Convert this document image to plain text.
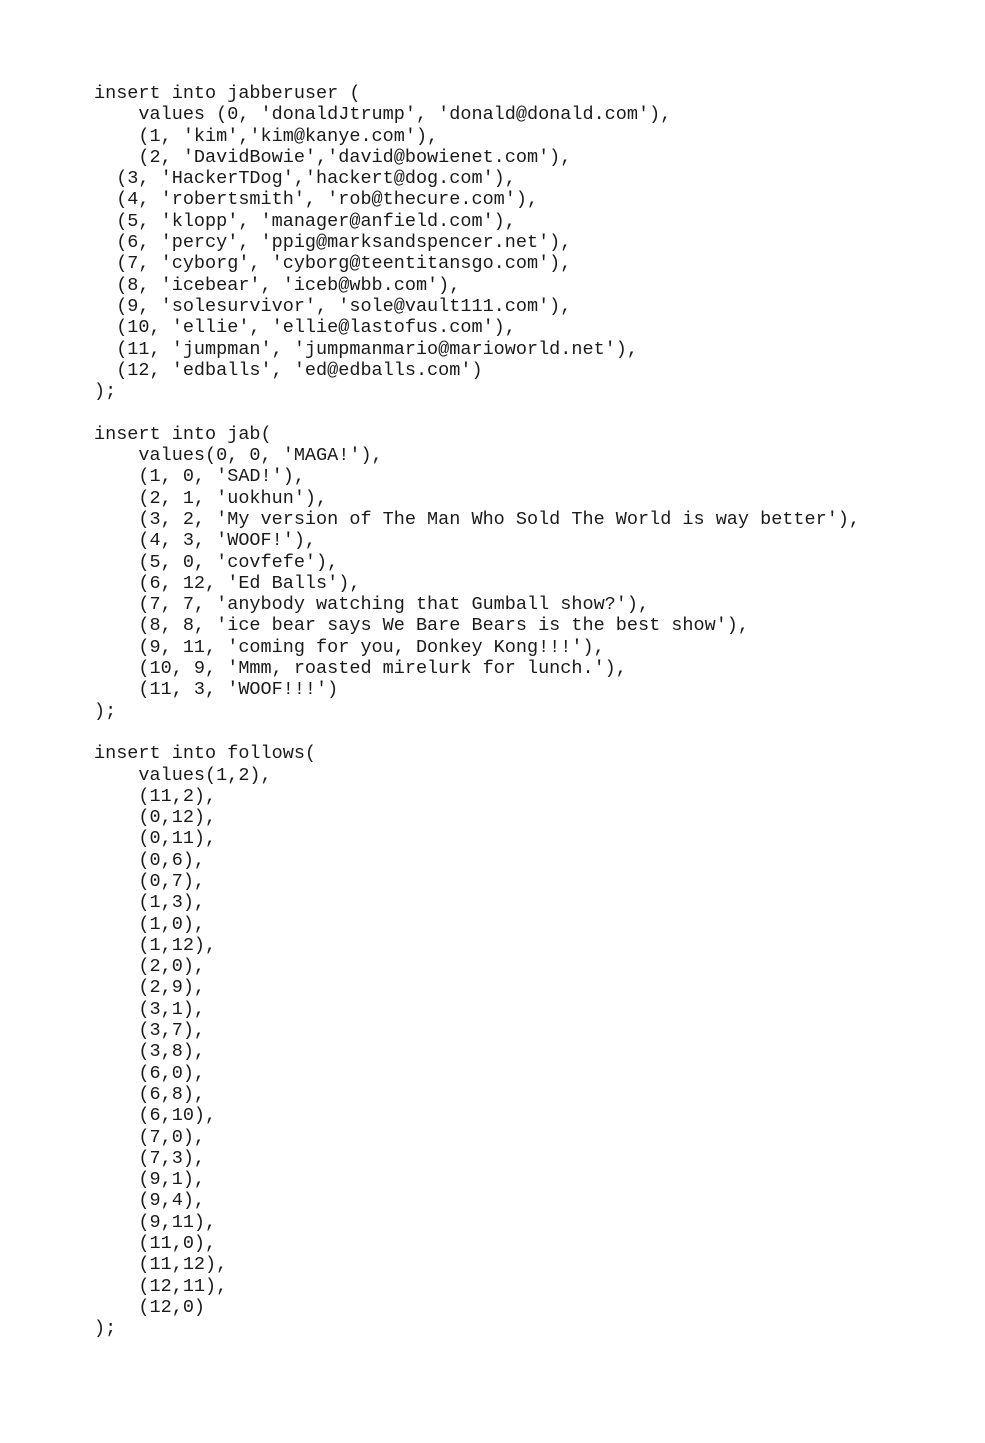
insert into jabberuser (
values (0, 'donaldJtrump', 'donald@donald.com'),
(1, 'kim','kim@kanye.com'),
(2, 'DavidBowie','david@bowienet.com'),
(3, 'HackerTDog','hackert@dog.com'),
(4, 'robertsmith', 'rob@thecure.com'),
(5, 'klopp', 'manager@anfield.com'),
(6, 'percy', 'ppig@marksandspencer.net'),
(7, 'cyborg', 'cyborg@teentitansgo.com'),
(8, 'icebear', 'iceb@wbb.com'),
(9, 'solesurvivor', 'sole@vault111.com'),
(10, 'ellie', 'ellie@lastofus.com'),
(11, 'jumpman', 'jumpmanmario@marioworld.net'),
(12, 'edballs', 'ed@edballs.com')
);
insert into jab(
values(0, 0, 'MAGA!'),
(1, 0, 'SAD!'),
(2, 1, 'uokhun'),
(3, 2, 'My version of The Man Who Sold The World is way better'),
(4, 3, 'WOOF!'),
(5, 0, 'covfefe'),
(6, 12, 'Ed Balls'),
(7, 7, 'anybody watching that Gumball show?'),
(8, 8, 'ice bear says We Bare Bears is the best show'),
(9, 11, 'coming for you, Donkey Kong!!!'),
(10, 9, 'Mmm, roasted mirelurk for lunch.'),
(11, 3, 'WOOF!!!')
);
insert into follows(
values(1,2),
(11,2),
(0,12),
(0,11),
(0,6),
(0,7),
(1,3),
(1,0),
(1,12),
(2,0),
(2,9),
(3,1),
(3,7),
(3,8),
(6,0),
(6,8),
(6,10),
(7,0),
(7,3),
(9,1),
(9,4),
(9,11),
(11,0),
(11,12),
(12,11),
(12,0)
);
